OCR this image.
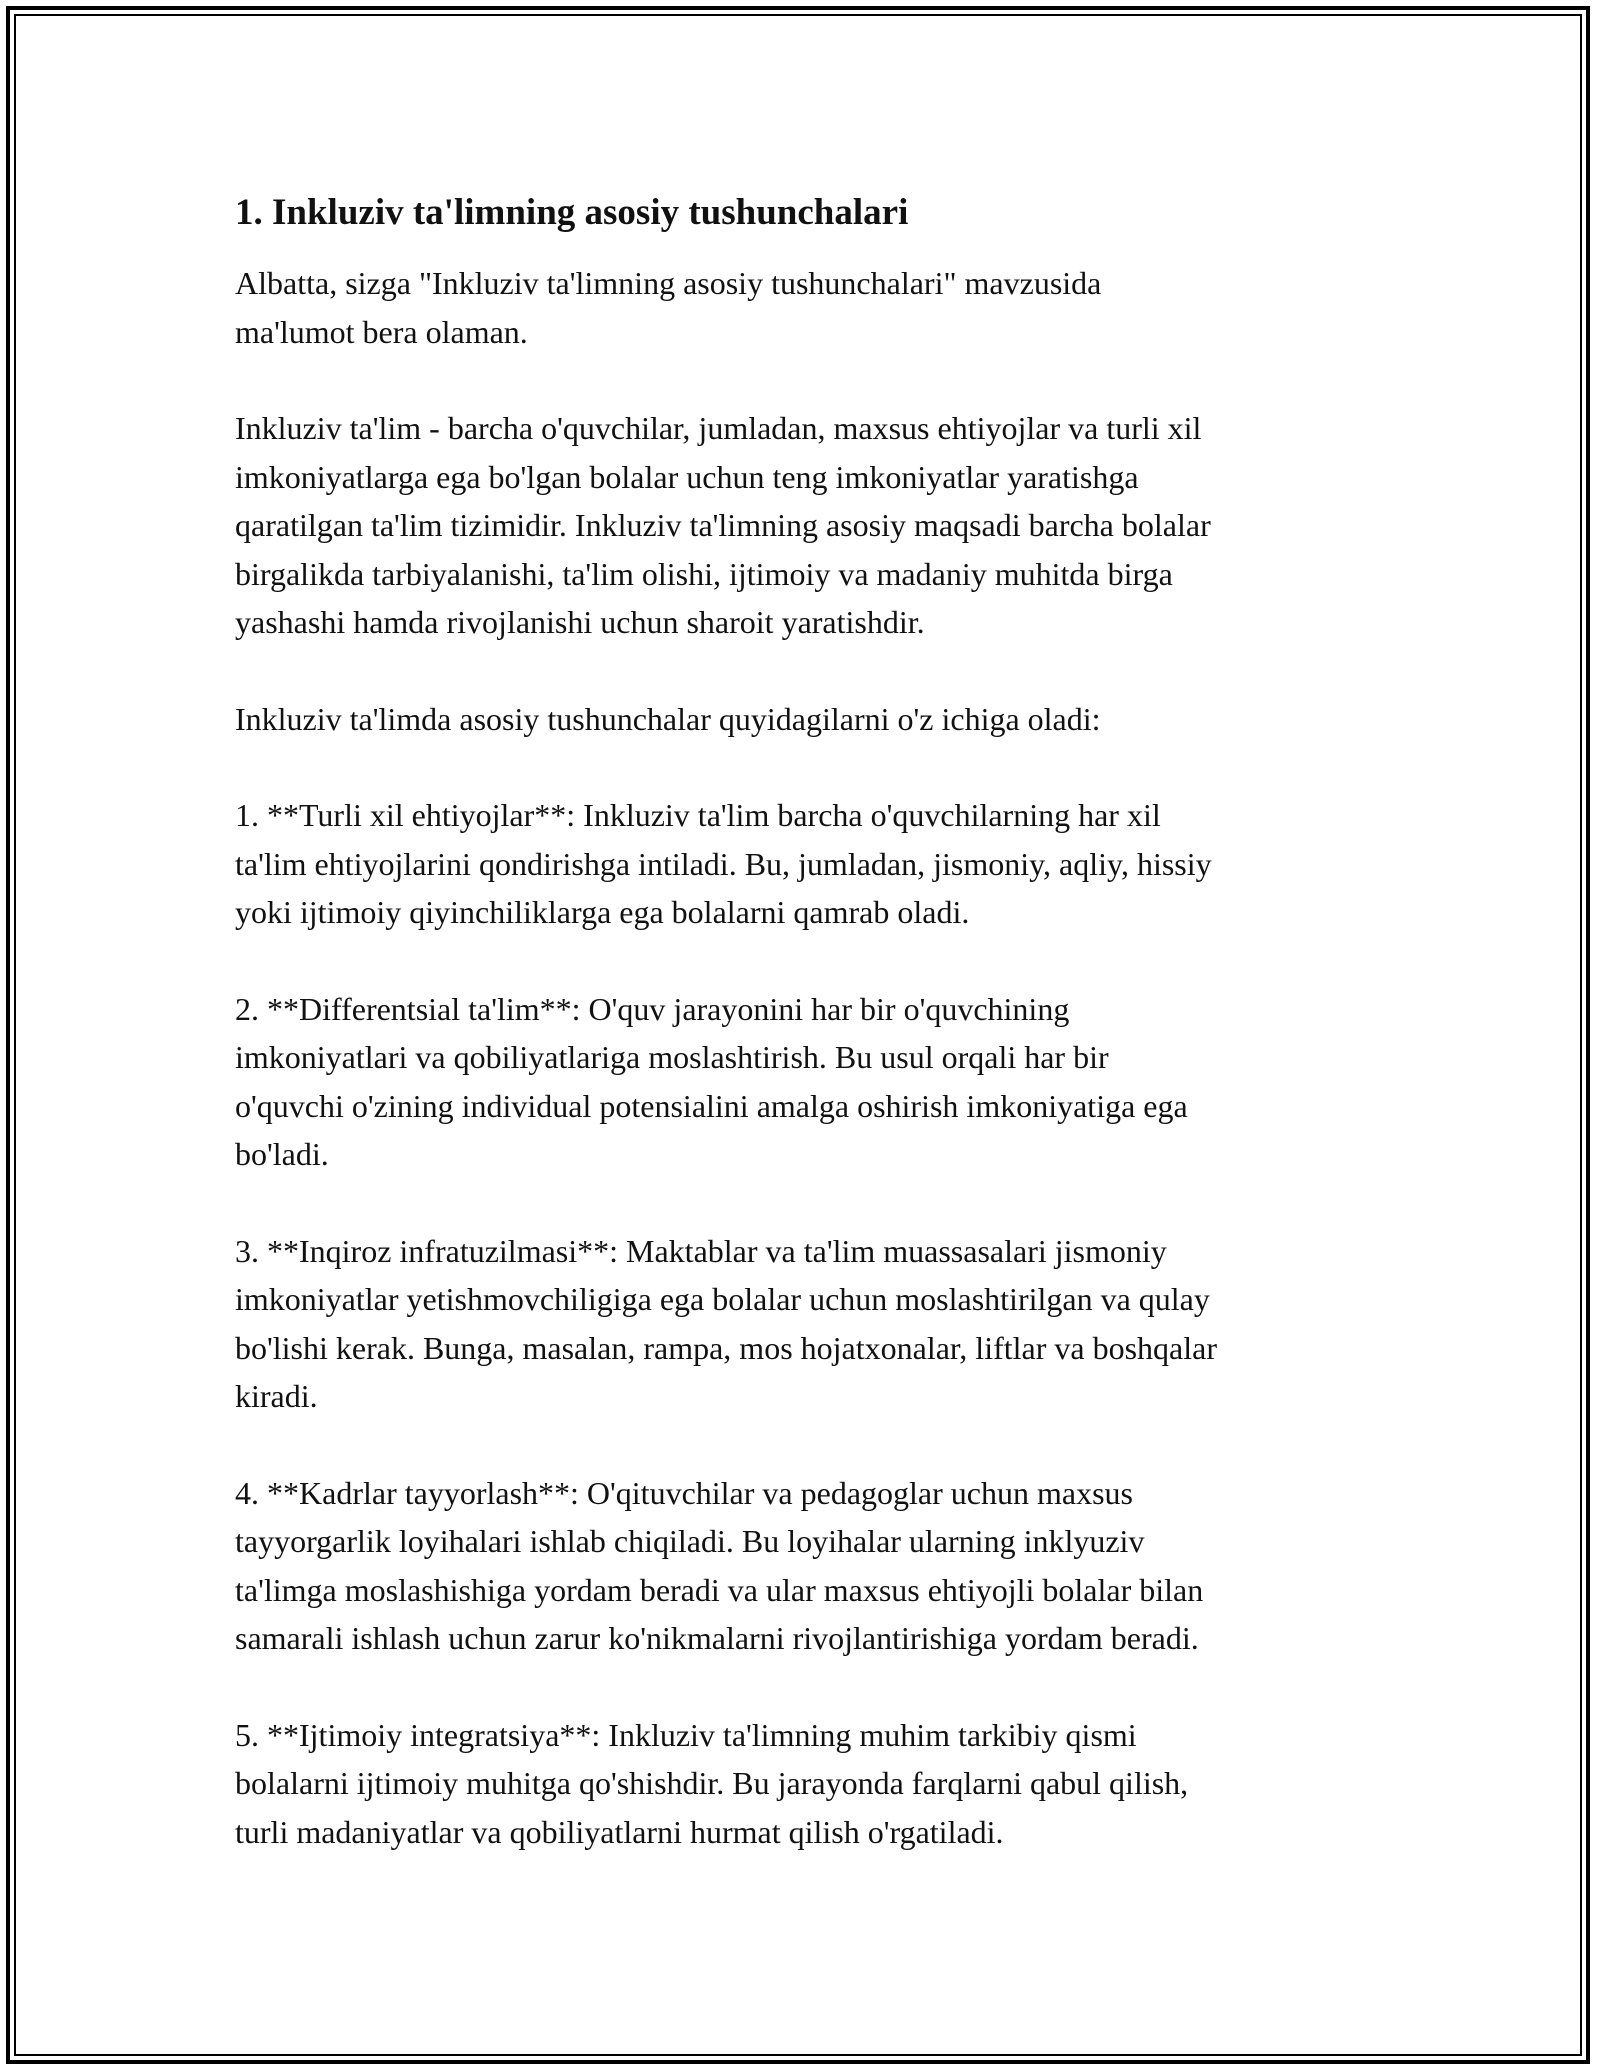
1. Inkluziv ta'limning asosiy tushunchalari

Albatta, sizga "Inkluziv ta'limning asosiy tushunchalari" mavzusida
ma'lumot bera olaman.

Inkluziv ta'lim - barcha o'quvchilar, jumladan, maxsus ehtiyojlar va turli xil
imkoniyatlarga ega bo'lgan bolalar uchun teng imkoniyatlar yaratishga
qaratilgan ta'lim tizimidir. Inkluziv ta'limning asosiy maqsadi barcha bolalar
birgalikda tarbiyalanishi, ta'lim olishi, ijtimoiy va madaniy muhitda birga
yashashi hamda rivojlanishi uchun sharoit yaratishdir.

Inkluziv ta'limda asosiy tushunchalar quyidagilarni o'z ichiga oladi:

1. **Turli xil ehtiyojlar**: Inkluziv ta'lim barcha o'quvchilarning har xil
ta'lim ehtiyojlarini qondirishga intiladi. Bu, jumladan, jismoniy, aqliy, hissiy
yoki ijtimoiy qiyinchiliklarga ega bolalarni qamrab oladi.

2. **Differentsial ta'lim**: O'quv jarayonini har bir o'quvchining
imkoniyatlari va qobiliyatlariga moslashtirish. Bu usul orqali har bir
o'quvchi o'zining individual potensialini amalga oshirish imkoniyatiga ega
bo'ladi.

3. **Inqiroz infratuzilmasi**: Maktablar va ta'lim muassasalari jismoniy
imkoniyatlar yetishmovchiligiga ega bolalar uchun moslashtirilgan va qulay
bo'lishi kerak. Bunga, masalan, rampa, mos hojatxonalar, liftlar va boshqalar
kiradi.

4. **Kadrlar tayyorlash**: O'qituvchilar va pedagoglar uchun maxsus
tayyorgarlik loyihalari ishlab chiqiladi. Bu loyihalar ularning inklyuziv
ta'limga moslashishiga yordam beradi va ular maxsus ehtiyojli bolalar bilan
samarali ishlash uchun zarur ko'nikmalarni rivojlantirishiga yordam beradi.

5. **Ijtimoiy integratsiya**: Inkluziv ta'limning muhim tarkibiy qismi
bolalarni ijtimoiy muhitga qo'shishdir. Bu jarayonda farqlarni qabul qilish,
turli madaniyatlar va qobiliyatlarni hurmat qilish o'rgatiladi.
